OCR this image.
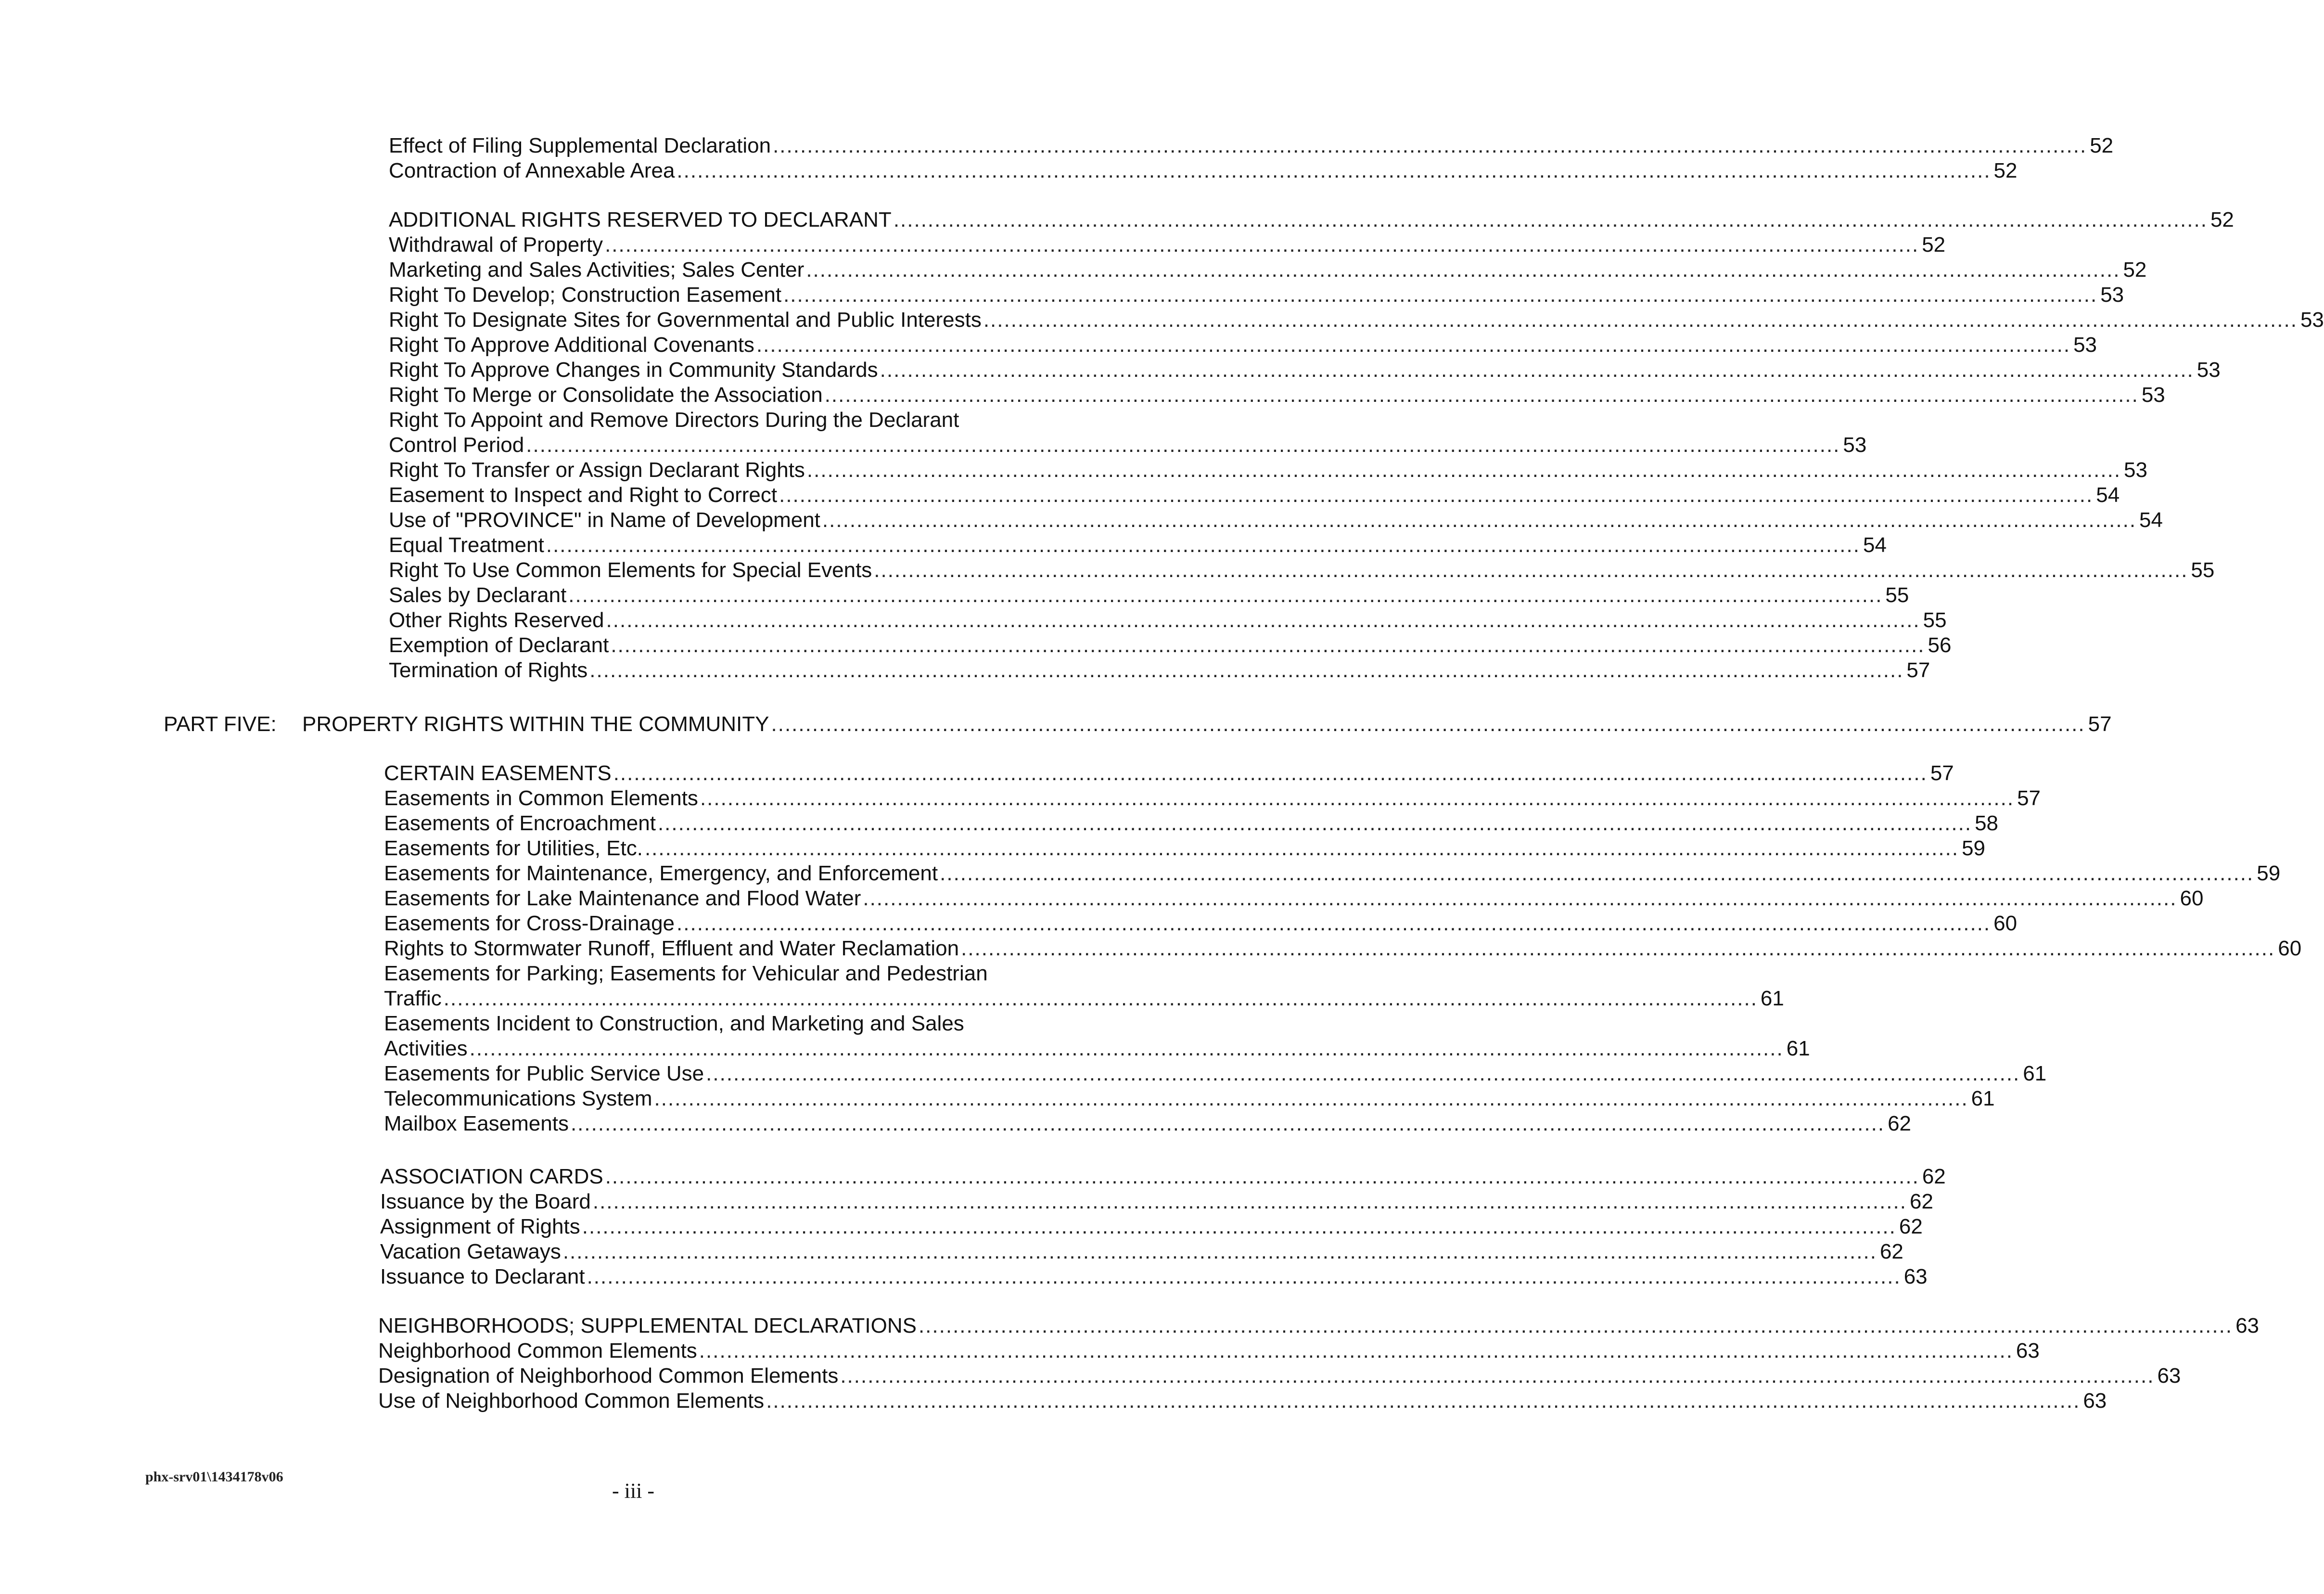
Effect of Filing Supplemental Declaration ................................................................................................................................................................................................ 52
Contraction of Annexable Area ................................................................................................................................................................................................ 52
ADDITIONAL RIGHTS RESERVED TO DECLARANT ................................................................................................................................................................................................ 52
Withdrawal of Property ................................................................................................................................................................................................ 52
Marketing and Sales Activities; Sales Center ................................................................................................................................................................................................ 52
Right To Develop; Construction Easement ................................................................................................................................................................................................ 53
Right To Designate Sites for Governmental and Public Interests ................................................................................................................................................................................................ 53
Right To Approve Additional Covenants ................................................................................................................................................................................................ 53
Right To Approve Changes in Community Standards ................................................................................................................................................................................................ 53
Right To Merge or Consolidate the Association ................................................................................................................................................................................................ 53
Right To Appoint and Remove Directors During the Declarant
Control Period ................................................................................................................................................................................................ 53
Right To Transfer or Assign Declarant Rights ................................................................................................................................................................................................ 53
Easement to Inspect and Right to Correct ................................................................................................................................................................................................ 54
Use of "PROVINCE" in Name of Development ................................................................................................................................................................................................ 54
Equal Treatment ................................................................................................................................................................................................ 54
Right To Use Common Elements for Special Events ................................................................................................................................................................................................ 55
Sales by Declarant ................................................................................................................................................................................................ 55
Other Rights Reserved ................................................................................................................................................................................................ 55
Exemption of Declarant ................................................................................................................................................................................................ 56
Termination of Rights ................................................................................................................................................................................................ 57
PART FIVE: PROPERTY RIGHTS WITHIN THE COMMUNITY ................................................................................................................................................................................................ 57
CERTAIN EASEMENTS ................................................................................................................................................................................................ 57
Easements in Common Elements ................................................................................................................................................................................................ 57
Easements of Encroachment ................................................................................................................................................................................................ 58
Easements for Utilities, Etc. ................................................................................................................................................................................................ 59
Easements for Maintenance, Emergency, and Enforcement ................................................................................................................................................................................................ 59
Easements for Lake Maintenance and Flood Water ................................................................................................................................................................................................ 60
Easements for Cross-Drainage ................................................................................................................................................................................................ 60
Rights to Stormwater Runoff, Effluent and Water Reclamation ................................................................................................................................................................................................ 60
Easements for Parking; Easements for Vehicular and Pedestrian
Traffic ................................................................................................................................................................................................ 61
Easements Incident to Construction, and Marketing and Sales
Activities ................................................................................................................................................................................................ 61
Easements for Public Service Use ................................................................................................................................................................................................ 61
Telecommunications System ................................................................................................................................................................................................ 61
Mailbox Easements ................................................................................................................................................................................................ 62
ASSOCIATION CARDS ................................................................................................................................................................................................ 62
Issuance by the Board ................................................................................................................................................................................................ 62
Assignment of Rights ................................................................................................................................................................................................ 62
Vacation Getaways ................................................................................................................................................................................................ 62
Issuance to Declarant ................................................................................................................................................................................................ 63
NEIGHBORHOODS; SUPPLEMENTAL DECLARATIONS ................................................................................................................................................................................................ 63
Neighborhood Common Elements ................................................................................................................................................................................................ 63
Designation of Neighborhood Common Elements ................................................................................................................................................................................................ 63
Use of Neighborhood Common Elements ................................................................................................................................................................................................ 63
phx-srv01\1434178v06
- iii -
